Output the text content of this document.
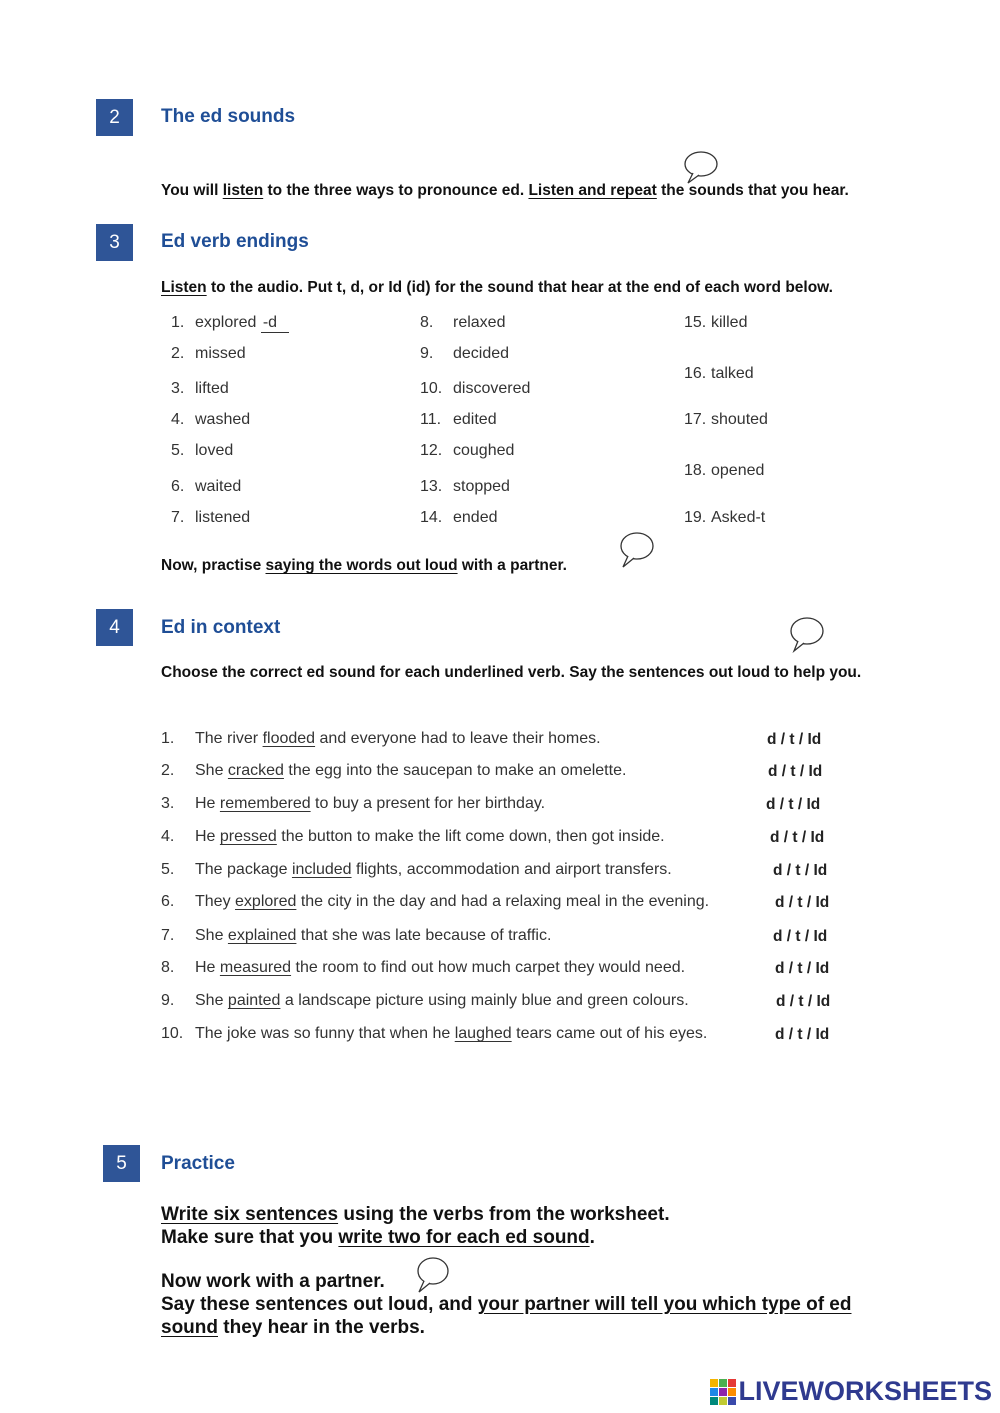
2	The ed sounds
You will listen to the three ways to pronounce ed. Listen and repeat the sounds that you hear.
3	Ed verb endings
Listen to the audio. Put t, d, or Id (id) for the sound that hear at the end of each word below.
1. explored -d
2. missed
3. lifted
4. washed
5. loved
6. waited
7. listened
8. relaxed
9. decided
10. discovered
11. edited
12. coughed
13. stopped
14. ended
15. killed
16. talked
17. shouted
18. opened
19. Asked-t
Now, practise saying the words out loud with a partner.
4	Ed in context
Choose the correct ed sound for each underlined verb. Say the sentences out loud to help you.
1. The river flooded and everyone had to leave their homes.	d / t / Id
2. She cracked the egg into the saucepan to make an omelette.	d / t / Id
3. He remembered to buy a present for her birthday.	d / t / Id
4. He pressed the button to make the lift come down, then got inside.	d / t / Id
5. The package included flights, accommodation and airport transfers.	d / t / Id
6. They explored the city in the day and had a relaxing meal in the evening.	d / t / Id
7. She explained that she was late because of traffic.	d / t / Id
8. He measured the room to find out how much carpet they would need.	d / t / Id
9. She painted a landscape picture using mainly blue and green colours.	d / t / Id
10. The joke was so funny that when he laughed tears came out of his eyes.	d / t / Id
5	Practice
Write six sentences using the verbs from the worksheet.
Make sure that you write two for each ed sound.
Now work with a partner.
Say these sentences out loud, and your partner will tell you which type of ed
sound they hear in the verbs.
LIVEWORKSHEETS
